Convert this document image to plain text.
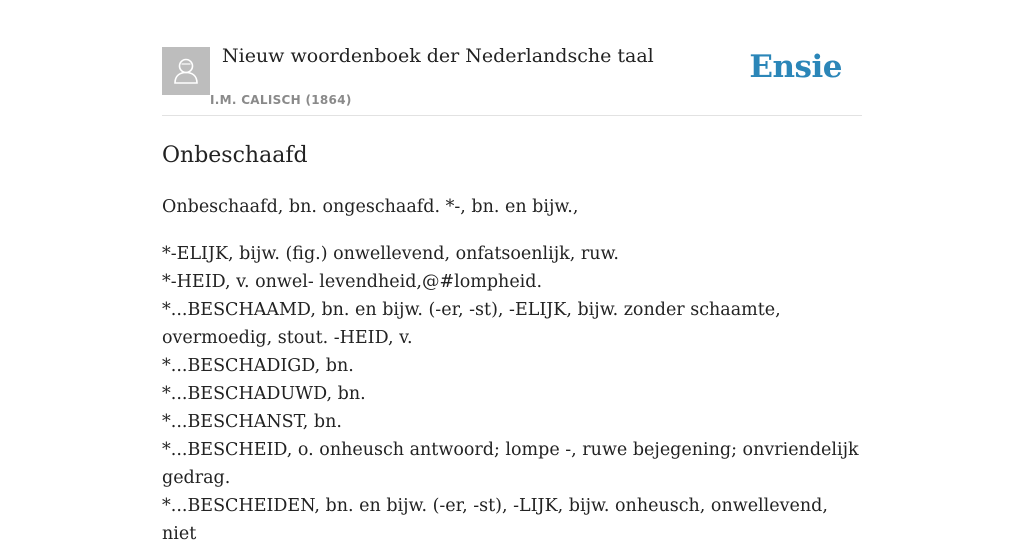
Nieuw woordenboek der Nederlandsche taal
I.M. CALISCH (1864)
Ensie
Onbeschaafd

Onbeschaafd, bn. ongeschaafd. *-, bn. en bijw.,

*-ELIJK, bijw. (fig.) onwellevend, onfatsoenlijk, ruw.
*-HEID, v. onwel- levendheid,@#lompheid.
*...BESCHAAMD, bn. en bijw. (-er, -st), -ELIJK, bijw. zonder schaamte,
overmoedig, stout. -HEID, v.
*...BESCHADIGD, bn.
*...BESCHADUWD, bn.
*...BESCHANST, bn.
*...BESCHEID, o. onheusch antwoord; lompe -, ruwe bejegening; onvriendelijk
gedrag.
*...BESCHEIDEN, bn. en bijw. (-er, -st), -LIJK, bijw. onheusch, onwellevend, niet
